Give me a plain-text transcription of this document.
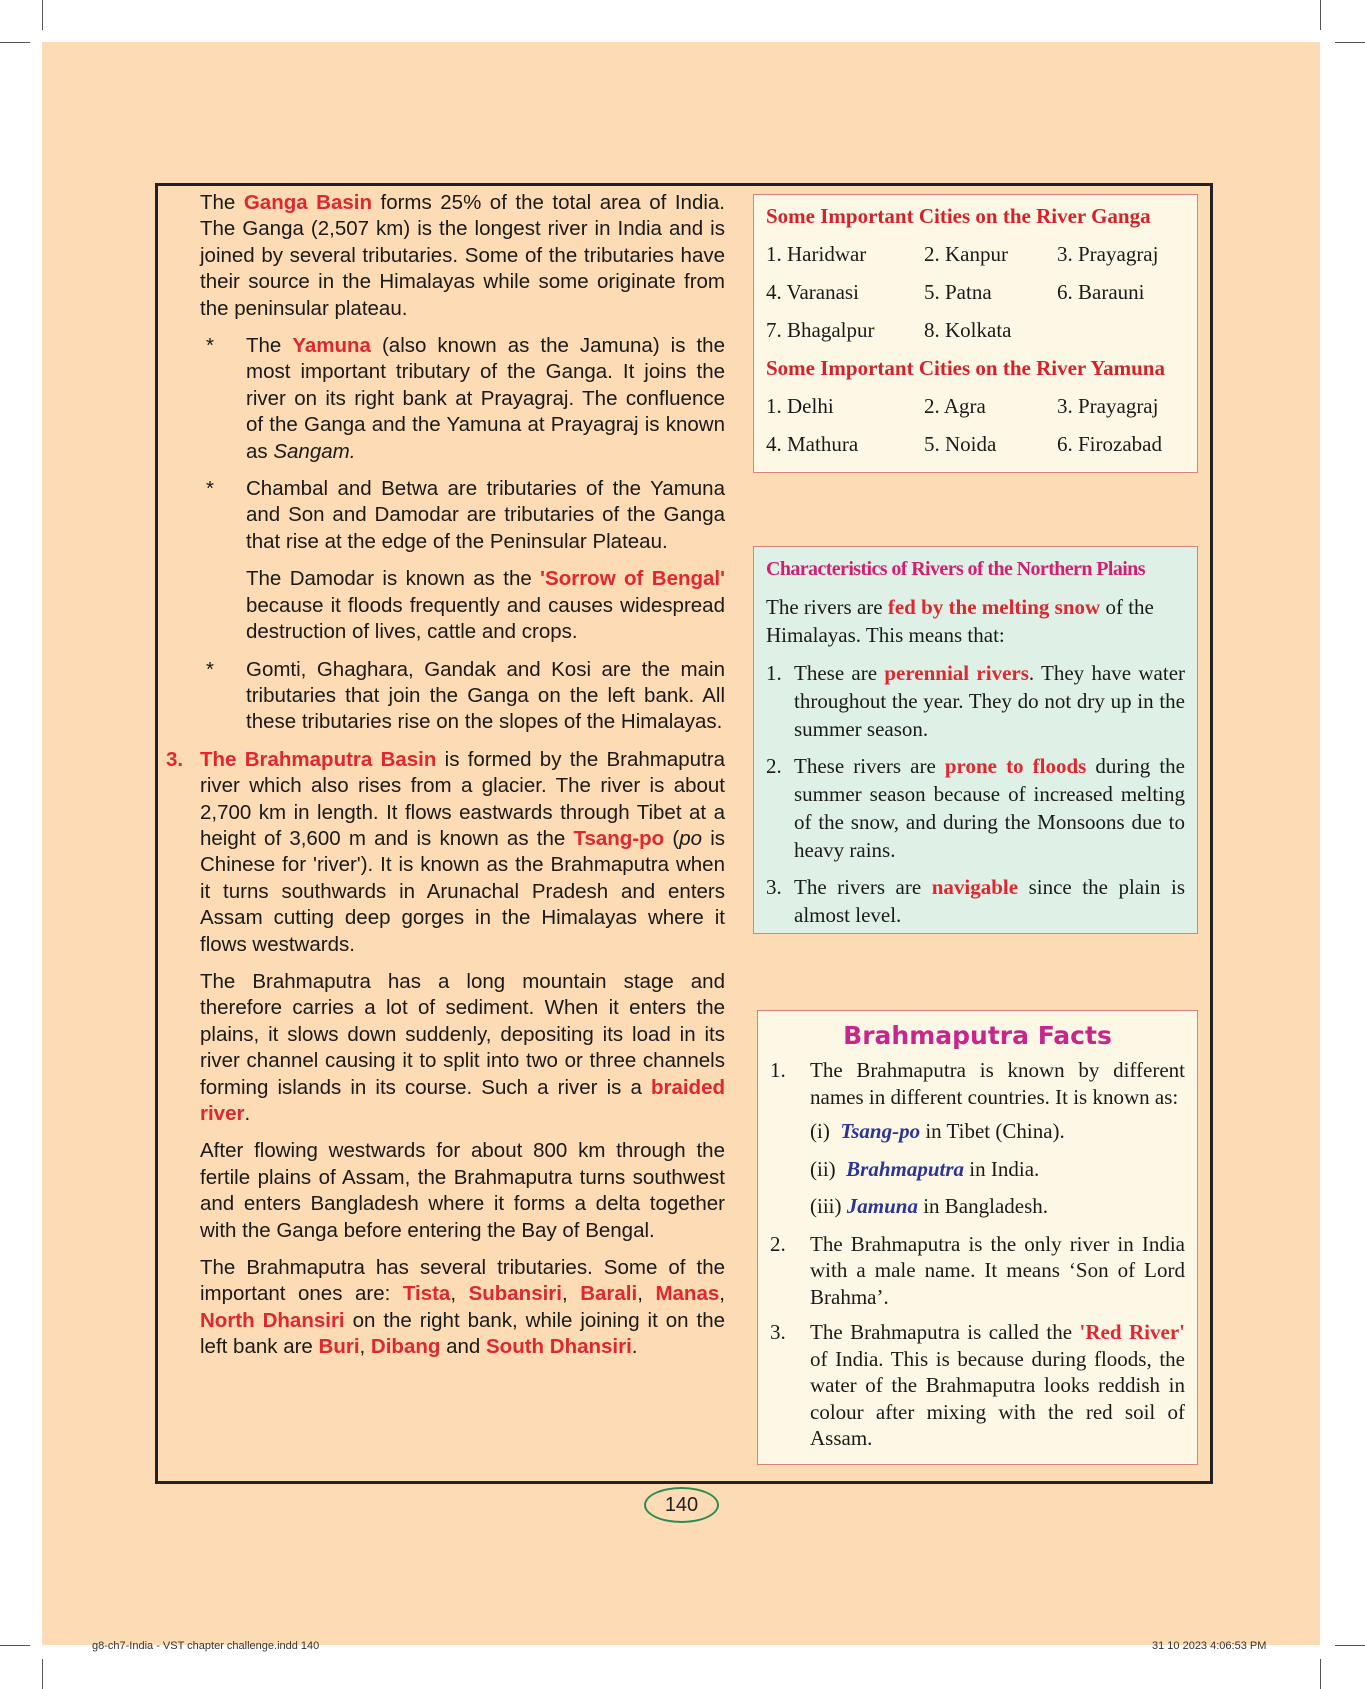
The Ganga Basin forms 25% of the total area of India. The Ganga (2,507 km) is the longest river in India and is joined by several tributaries. Some of the tributaries have their source in the Himalayas while some originate from the peninsular plateau.

* The Yamuna (also known as the Jamuna) is the most important tributary of the Ganga. It joins the river on its right bank at Prayagraj. The confluence of the Ganga and the Yamuna at Prayagraj is known as Sangam.

* Chambal and Betwa are tributaries of the Yamuna and Son and Damodar are tributaries of the Ganga that rise at the edge of the Peninsular Plateau.

The Damodar is known as the 'Sorrow of Bengal' because it floods frequently and causes widespread destruction of lives, cattle and crops.

* Gomti, Ghaghara, Gandak and Kosi are the main tributaries that join the Ganga on the left bank. All these tributaries rise on the slopes of the Himalayas.

3. The Brahmaputra Basin is formed by the Brahmaputra river which also rises from a glacier. The river is about 2,700 km in length. It flows eastwards through Tibet at a height of 3,600 m and is known as the Tsang-po (po is Chinese for 'river'). It is known as the Brahmaputra when it turns southwards in Arunachal Pradesh and enters Assam cutting deep gorges in the Himalayas where it flows westwards.

The Brahmaputra has a long mountain stage and therefore carries a lot of sediment. When it enters the plains, it slows down suddenly, depositing its load in its river channel causing it to split into two or three channels forming islands in its course. Such a river is a braided river.

After flowing westwards for about 800 km through the fertile plains of Assam, the Brahmaputra turns southwest and enters Bangladesh where it forms a delta together with the Ganga before entering the Bay of Bengal.

The Brahmaputra has several tributaries. Some of the important ones are: Tista, Subansiri, Barali, Manas, North Dhansiri on the right bank, while joining it on the left bank are Buri, Dibang and South Dhansiri.

Some Important Cities on the River Ganga
1. Haridwar	2. Kanpur	3. Prayagraj
4. Varanasi	5. Patna	6. Barauni
7. Bhagalpur	8. Kolkata
Some Important Cities on the River Yamuna
1. Delhi	2. Agra	3. Prayagraj
4. Mathura	5. Noida	6. Firozabad
Characteristics of Rivers of the Northern Plains

The rivers are fed by the melting snow of the Himalayas. This means that:

1. These are perennial rivers. They have water throughout the year. They do not dry up in the summer season.
2. These rivers are prone to floods during the summer season because of increased melting of the snow, and during the Monsoons due to heavy rains.
3. The rivers are navigable since the plain is almost level.
Brahmaputra Facts
1.	The Brahmaputra is known by different names in different countries. It is known as:
(i) Tsang-po in Tibet (China).
(ii) Brahmaputra in India.
(iii) Jamuna in Bangladesh.
2.	The Brahmaputra is the only river in India with a male name. It means ‘Son of Lord Brahma’.
3.	The Brahmaputra is called the 'Red River' of India. This is because during floods, the water of the Brahmaputra looks reddish in colour after mixing with the red soil of Assam.
140
g8-ch7-India - VST chapter challenge.indd 140	31 10 2023 4:06:53 PM
